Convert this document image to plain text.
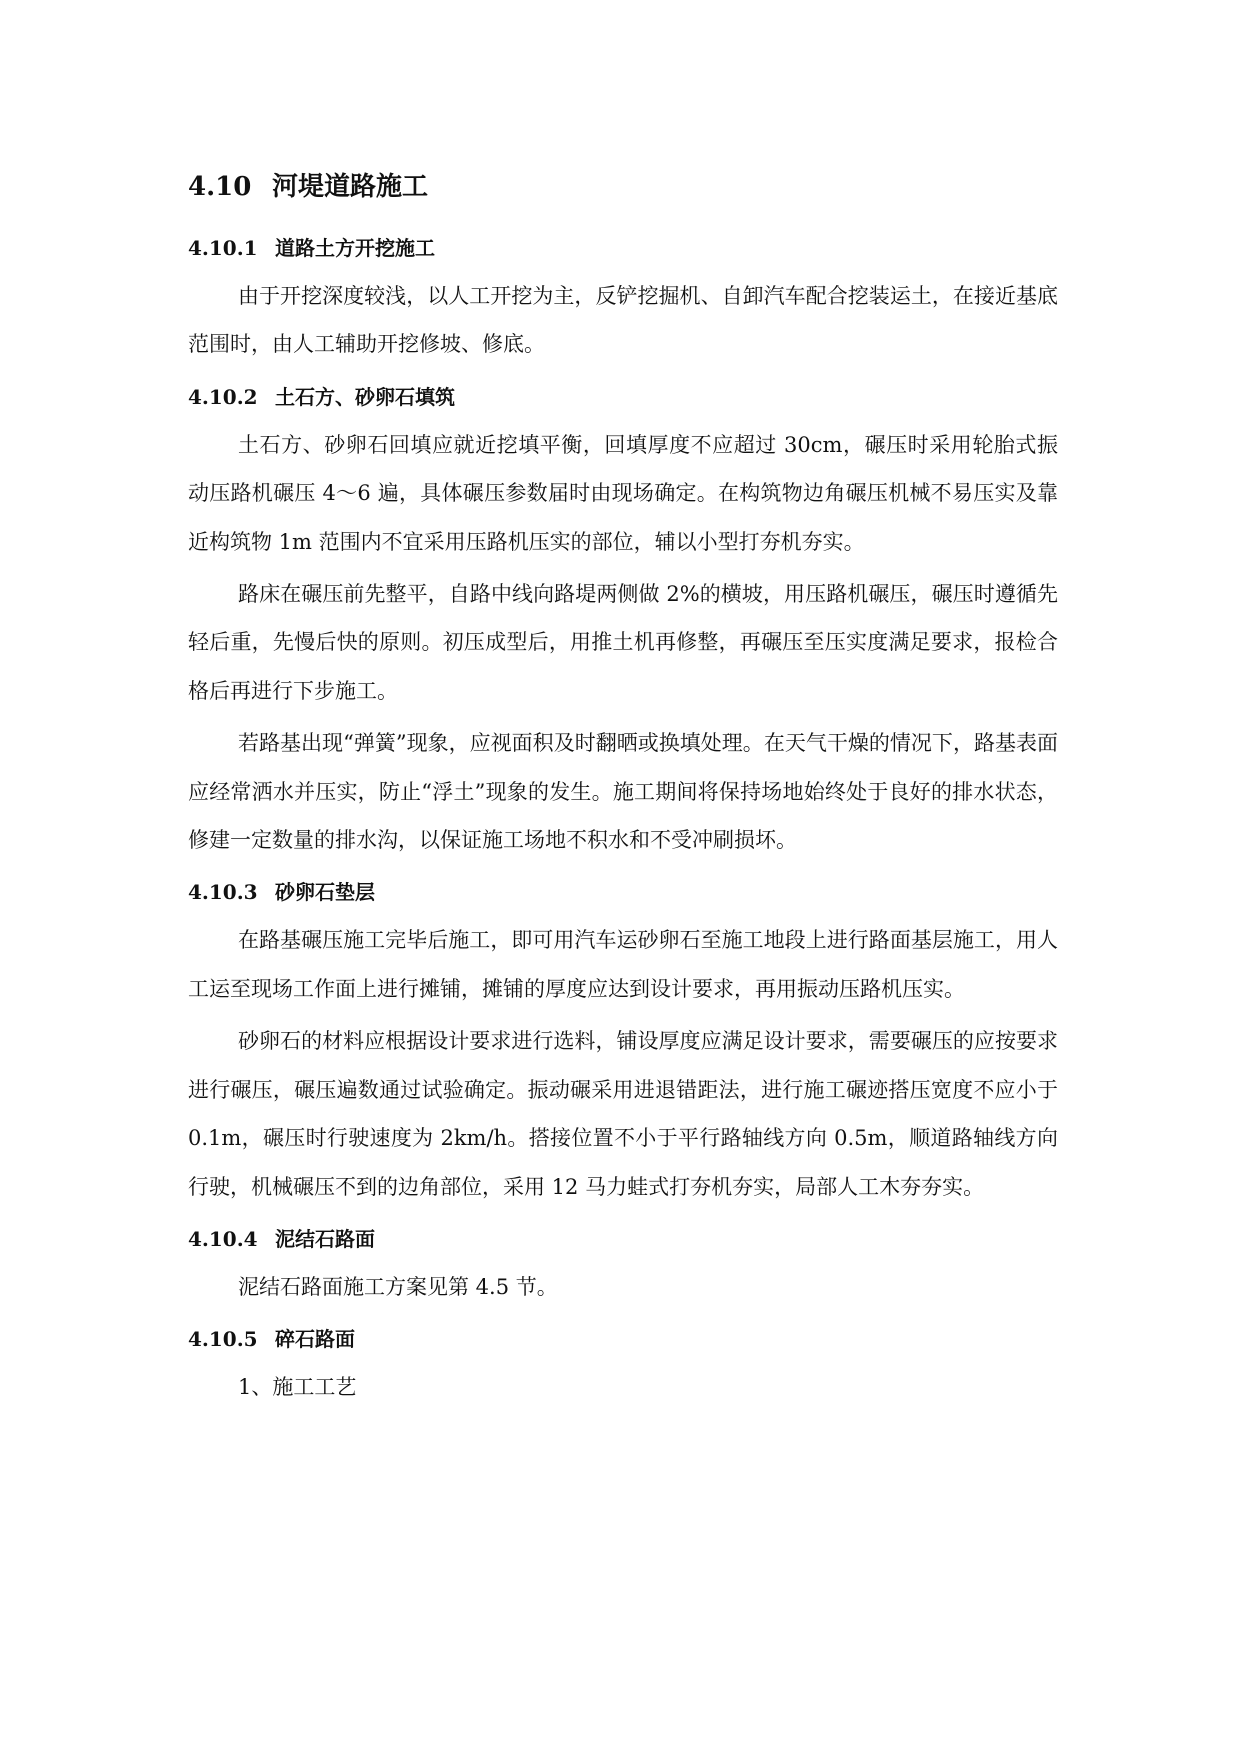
4.10 河堤道路施工
4.10.1 道路土方开挖施工

由于开挖深度较浅，以人工开挖为主，反铲挖掘机、自卸汽车配合挖装运土，在接近基底范围时，由人工辅助开挖修坡、修底。

4.10.2 土石方、砂卵石填筑

土石方、砂卵石回填应就近挖填平衡，回填厚度不应超过 30cm，碾压时采用轮胎式振动压路机碾压 4～6 遍，具体碾压参数届时由现场确定。在构筑物边角碾压机械不易压实及靠近构筑物 1m 范围内不宜采用压路机压实的部位，辅以小型打夯机夯实。

路床在碾压前先整平，自路中线向路堤两侧做 2%的横坡，用压路机碾压，碾压时遵循先轻后重，先慢后快的原则。初压成型后，用推土机再修整，再碾压至压实度满足要求，报检合格后再进行下步施工。

若路基出现“弹簧”现象，应视面积及时翻晒或换填处理。在天气干燥的情况下，路基表面应经常洒水并压实，防止“浮土”现象的发生。施工期间将保持场地始终处于良好的排水状态，修建一定数量的排水沟，以保证施工场地不积水和不受冲刷损坏。

4.10.3 砂卵石垫层

在路基碾压施工完毕后施工，即可用汽车运砂卵石至施工地段上进行路面基层施工，用人工运至现场工作面上进行摊铺，摊铺的厚度应达到设计要求，再用振动压路机压实。

砂卵石的材料应根据设计要求进行选料，铺设厚度应满足设计要求，需要碾压的应按要求进行碾压，碾压遍数通过试验确定。振动碾采用进退错距法，进行施工碾迹搭压宽度不应小于 0.1m，碾压时行驶速度为 2km/h。搭接位置不小于平行路轴线方向 0.5m，顺道路轴线方向行驶，机械碾压不到的边角部位，采用 12 马力蛙式打夯机夯实，局部人工木夯夯实。

4.10.4 泥结石路面

泥结石路面施工方案见第 4.5 节。

4.10.5 碎石路面

1、施工工艺
